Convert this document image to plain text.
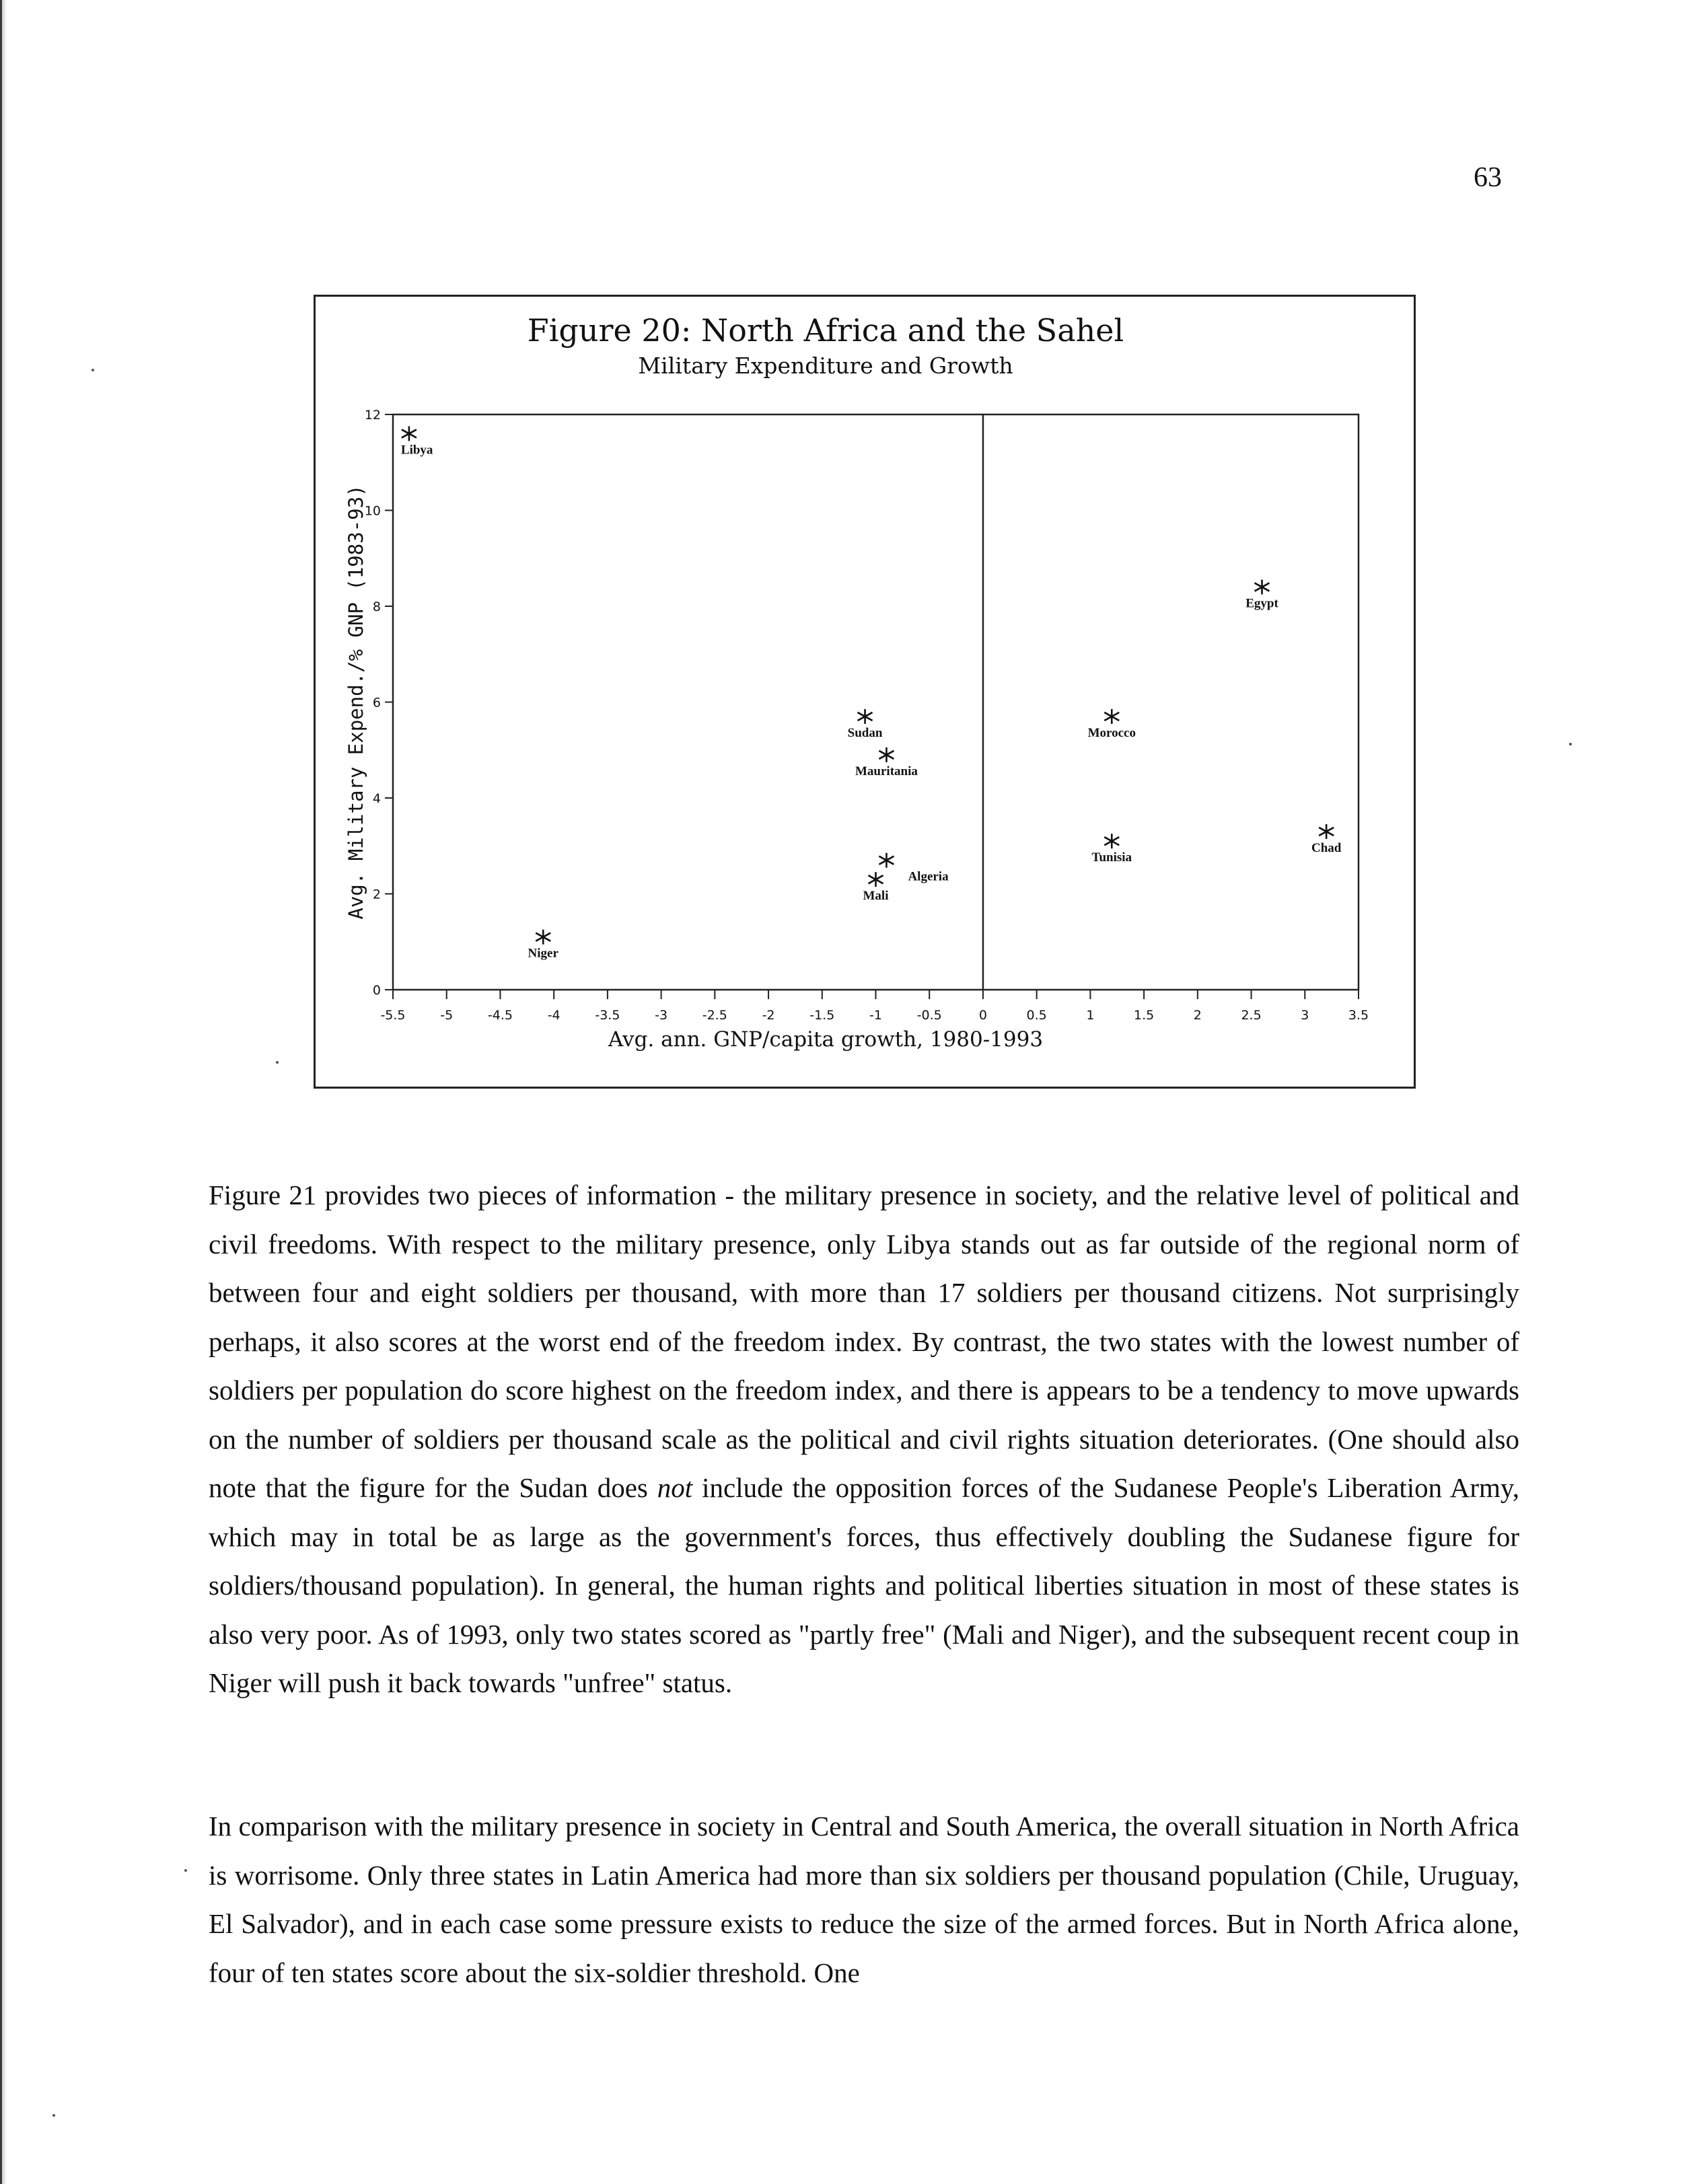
63
Figure 20: North Africa and the Sahel
Military Expenditure and Growth
-5.5	-5	-4.5	-4	-3.5	-3	-2.5	-2	-1.5	-1	-0.5	0	0.5	1	1.5	2	2.5	3	3.5
0
2
4
6
8
10
12
Avg. ann. GNP/capita growth, 1980-1993
Avg. Military Expend./% GNP (1983-93)
Libya
Niger
Sudan
Mauritania
Algeria
Mali
Morocco
Tunisia
Egypt
Chad

Figure 21 provides two pieces of information - the military presence in society, and the relative level of political and civil freedoms. With respect to the military presence, only Libya stands out as far outside of the regional norm of between four and eight soldiers per thousand, with more than 17 soldiers per thousand citizens. Not surprisingly perhaps, it also scores at the worst end of the freedom index. By contrast, the two states with the lowest number of soldiers per population do score highest on the freedom index, and there is appears to be a tendency to move upwards on the number of soldiers per thousand scale as the political and civil rights situation deteriorates. (One should also note that the figure for the Sudan does not include the opposition forces of the Sudanese People's Liberation Army, which may in total be as large as the government's forces, thus effectively doubling the Sudanese figure for soldiers/thousand population). In general, the human rights and political liberties situation in most of these states is also very poor. As of 1993, only two states scored as "partly free" (Mali and Niger), and the subsequent recent coup in Niger will push it back towards "unfree" status.

In comparison with the military presence in society in Central and South America, the overall situation in North Africa is worrisome. Only three states in Latin America had more than six soldiers per thousand population (Chile, Uruguay, El Salvador), and in each case some pressure exists to reduce the size of the armed forces. But in North Africa alone, four of ten states score about the six-soldier threshold. One
